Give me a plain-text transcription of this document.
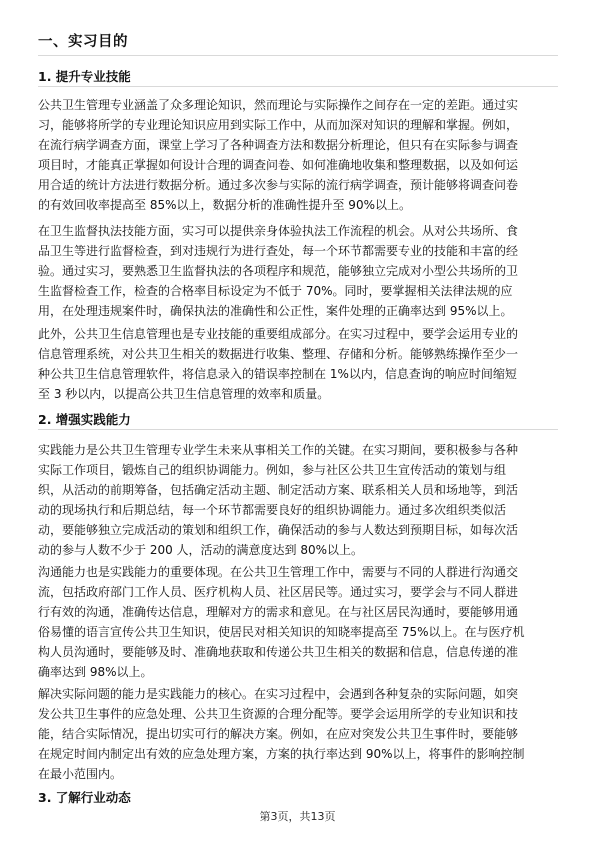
一、实习目的
1. 提升专业技能
公共卫生管理专业涵盖了众多理论知识，然而理论与实际操作之间存在一定的差距。通过实
习，能够将所学的专业理论知识应用到实际工作中，从而加深对知识的理解和掌握。例如，
在流行病学调查方面，课堂上学习了各种调查方法和数据分析理论，但只有在实际参与调查
项目时，才能真正掌握如何设计合理的调查问卷、如何准确地收集和整理数据，以及如何运
用合适的统计方法进行数据分析。通过多次参与实际的流行病学调查，预计能够将调查问卷
的有效回收率提高至 85%以上，数据分析的准确性提升至 90%以上。
在卫生监督执法技能方面，实习可以提供亲身体验执法工作流程的机会。从对公共场所、食
品卫生等进行监督检查，到对违规行为进行查处，每一个环节都需要专业的技能和丰富的经
验。通过实习，要熟悉卫生监督执法的各项程序和规范，能够独立完成对小型公共场所的卫
生监督检查工作，检查的合格率目标设定为不低于 70%。同时，要掌握相关法律法规的应
用，在处理违规案件时，确保执法的准确性和公正性，案件处理的正确率达到 95%以上。
此外，公共卫生信息管理也是专业技能的重要组成部分。在实习过程中，要学会运用专业的
信息管理系统，对公共卫生相关的数据进行收集、整理、存储和分析。能够熟练操作至少一
种公共卫生信息管理软件，将信息录入的错误率控制在 1%以内，信息查询的响应时间缩短
至 3 秒以内，以提高公共卫生信息管理的效率和质量。
2. 增强实践能力
实践能力是公共卫生管理专业学生未来从事相关工作的关键。在实习期间，要积极参与各种
实际工作项目，锻炼自己的组织协调能力。例如，参与社区公共卫生宣传活动的策划与组
织，从活动的前期筹备，包括确定活动主题、制定活动方案、联系相关人员和场地等，到活
动的现场执行和后期总结，每一个环节都需要良好的组织协调能力。通过多次组织类似活
动，要能够独立完成活动的策划和组织工作，确保活动的参与人数达到预期目标，如每次活
动的参与人数不少于 200 人，活动的满意度达到 80%以上。
沟通能力也是实践能力的重要体现。在公共卫生管理工作中，需要与不同的人群进行沟通交
流，包括政府部门工作人员、医疗机构人员、社区居民等。通过实习，要学会与不同人群进
行有效的沟通，准确传达信息，理解对方的需求和意见。在与社区居民沟通时，要能够用通
俗易懂的语言宣传公共卫生知识，使居民对相关知识的知晓率提高至 75%以上。在与医疗机
构人员沟通时，要能够及时、准确地获取和传递公共卫生相关的数据和信息，信息传递的准
确率达到 98%以上。
解决实际问题的能力是实践能力的核心。在实习过程中，会遇到各种复杂的实际问题，如突
发公共卫生事件的应急处理、公共卫生资源的合理分配等。要学会运用所学的专业知识和技
能，结合实际情况，提出切实可行的解决方案。例如，在应对突发公共卫生事件时，要能够
在规定时间内制定出有效的应急处理方案，方案的执行率达到 90%以上，将事件的影响控制
在最小范围内。
3. 了解行业动态
第3页，共13页
